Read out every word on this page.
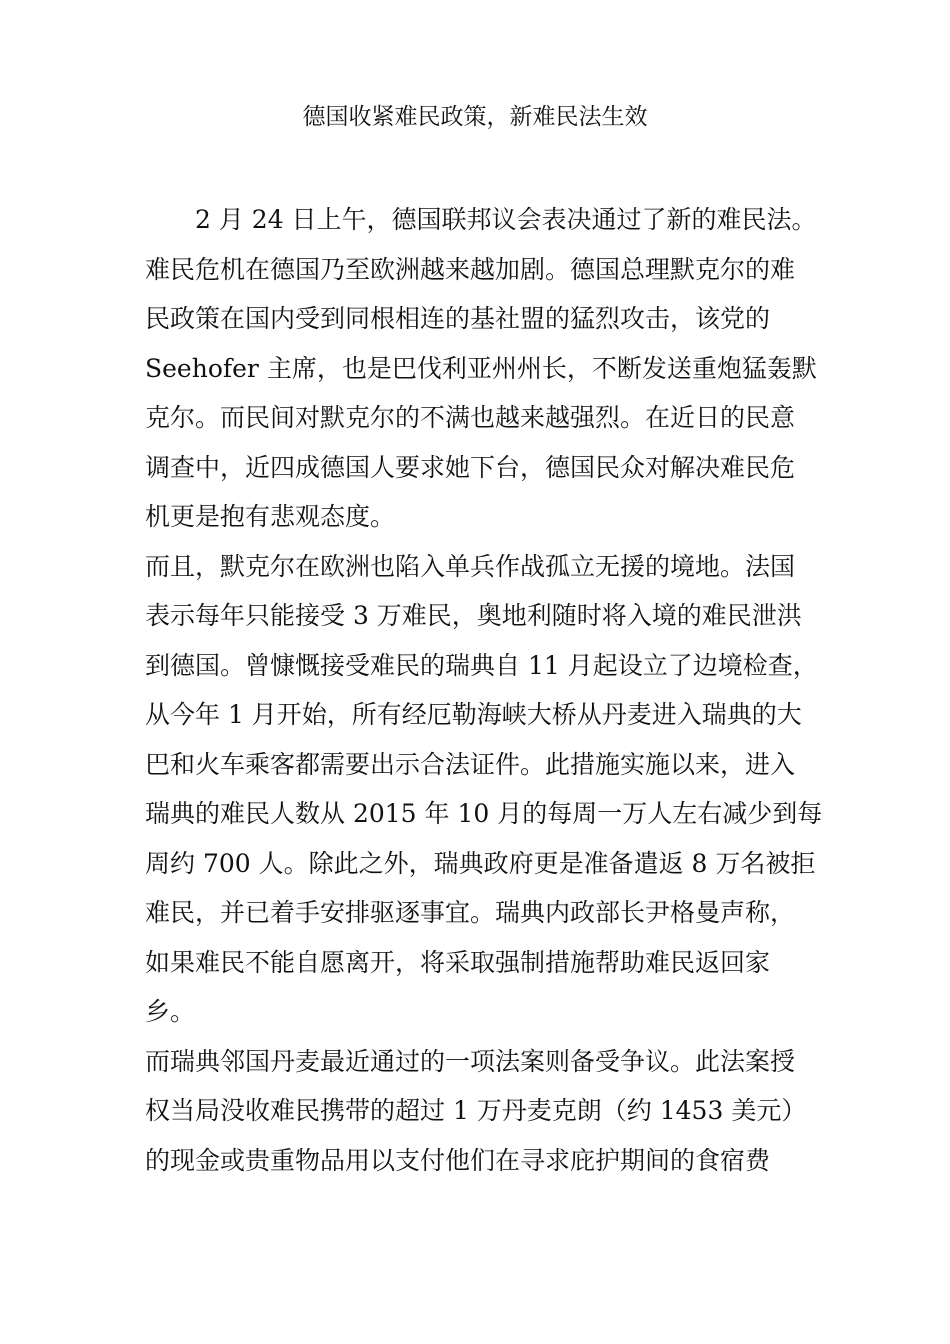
德国收紧难民政策，新难民法生效
　　2 月 24 日上午，德国联邦议会表决通过了新的难民法。
难民危机在德国乃至欧洲越来越加剧。德国总理默克尔的难
民政策在国内受到同根相连的基社盟的猛烈攻击，该党的
Seehofer 主席，也是巴伐利亚州州长，不断发送重炮猛轰默
克尔。而民间对默克尔的不满也越来越强烈。在近日的民意
调查中，近四成德国人要求她下台，德国民众对解决难民危
机更是抱有悲观态度。
而且，默克尔在欧洲也陷入单兵作战孤立无援的境地。法国
表示每年只能接受 3 万难民，奥地利随时将入境的难民泄洪
到德国。曾慷慨接受难民的瑞典自 11 月起设立了边境检查，
从今年 1 月开始，所有经厄勒海峡大桥从丹麦进入瑞典的大
巴和火车乘客都需要出示合法证件。此措施实施以来，进入
瑞典的难民人数从 2015 年 10 月的每周一万人左右减少到每
周约 700 人。除此之外，瑞典政府更是准备遣返 8 万名被拒
难民，并已着手安排驱逐事宜。瑞典内政部长尹格曼声称，
如果难民不能自愿离开，将采取强制措施帮助难民返回家
乡。
而瑞典邻国丹麦最近通过的一项法案则备受争议。此法案授
权当局没收难民携带的超过 1 万丹麦克朗（约 1453 美元）
的现金或贵重物品用以支付他们在寻求庇护期间的食宿费
